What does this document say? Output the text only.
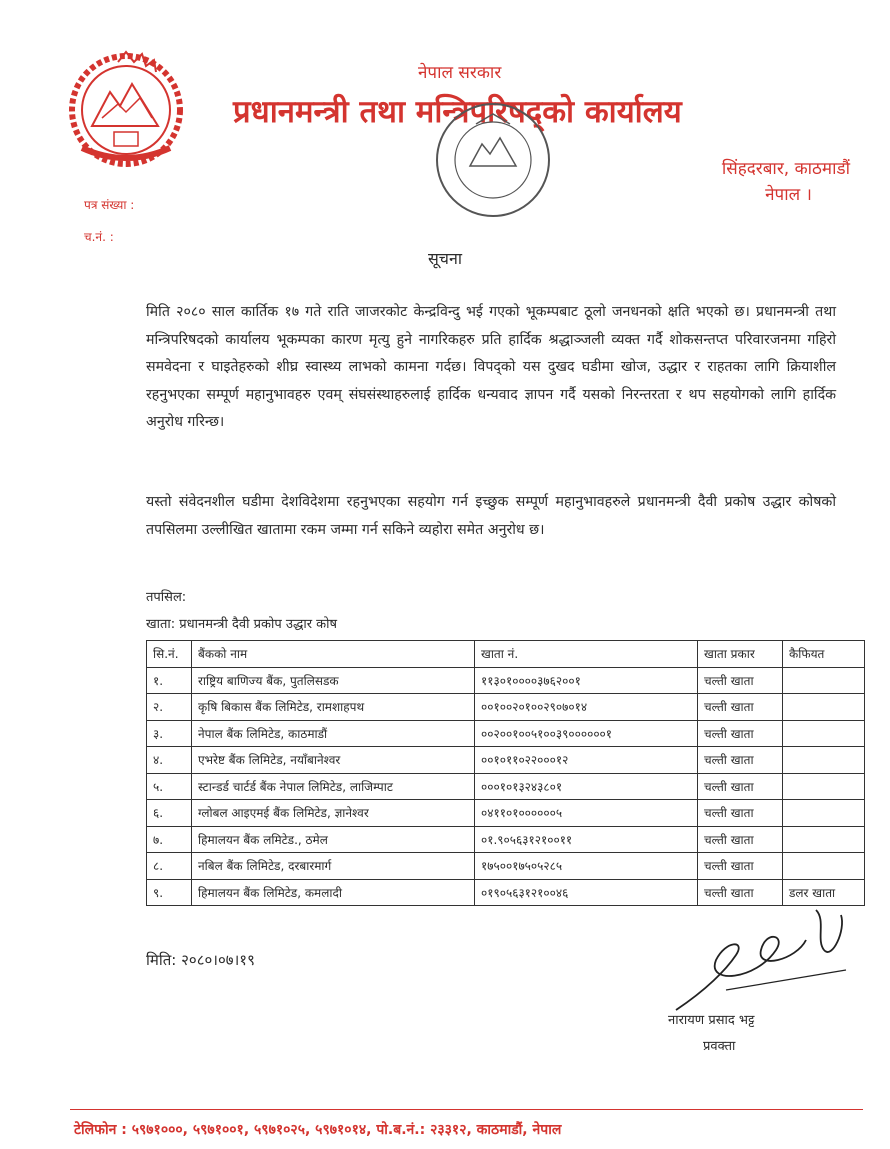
नेपाल सरकार
प्रधानमन्त्री तथा मन्त्रिपरिषद्को कार्यालय
सिंहदरबार, काठमाडौं
नेपाल ।
पत्र संख्या :
च.नं. :
सूचना
मिति २०८० साल कार्तिक १७ गते राति जाजरकोट केन्द्रविन्दु भई गएको भूकम्पबाट ठूलो जनधनको क्षति भएको छ। प्रधानमन्त्री तथा मन्त्रिपरिषदको कार्यालय भूकम्पका कारण मृत्यु हुने नागरिकहरु प्रति हार्दिक श्रद्धाञ्जली व्यक्त गर्दै शोकसन्तप्त परिवारजनमा गहिरो समवेदना र घाइतेहरुको शीघ्र स्वास्थ्य लाभको कामना गर्दछ। विपद्को यस दुखद घडीमा खोज, उद्धार र राहतका लागि क्रियाशील रहनुभएका सम्पूर्ण महानुभावहरु एवम् संघसंस्थाहरुलाई हार्दिक धन्यवाद ज्ञापन गर्दै यसको निरन्तरता र थप सहयोगको लागि हार्दिक अनुरोध गरिन्छ।
यस्तो संवेदनशील घडीमा देशविदेशमा रहनुभएका सहयोग गर्न इच्छुक सम्पूर्ण महानुभावहरुले प्रधानमन्त्री दैवी प्रकोष उद्धार कोषको तपसिलमा उल्लीखित खातामा रकम जम्मा गर्न सकिने व्यहोरा समेत अनुरोध छ।
तपसिल:
खाता: प्रधानमन्त्री दैवी प्रकोप उद्धार कोष
सि.नं.	बैंकको नाम	खाता नं.	खाता प्रकार	कैफियत
१.	राष्ट्रिय बाणिज्य बैंक, पुतलिसडक	११३०१००००३७६२००१	चल्ती खाता	
२.	कृषि बिकास बैंक लिमिटेड, रामशाहपथ	००१००२०१००२९०७०१४	चल्ती खाता	
३.	नेपाल बैंक लिमिटेड, काठमाडौं	००२००१००५१००३९००००००१	चल्ती खाता	
४.	एभरेष्ट बैंक लिमिटेड, नयाँबानेश्वर	००१०११०२२०००१२	चल्ती खाता	
५.	स्टान्डर्ड चार्टर्ड बैंक नेपाल लिमिटेड, लाजिम्पाट	०००१०१३२४३८०१	चल्ती खाता	
६.	ग्लोबल आइएमई बैंक लिमिटेड, ज्ञानेश्वर	०४११०१००००००५	चल्ती खाता	
७.	हिमालयन बैंक लमिटेड., ठमेल	०१.९०५६३१२१००११	चल्ती खाता	
८.	नबिल बैंक लिमिटेड, दरबारमार्ग	१७५००१७५०५२८५	चल्ती खाता	
९.	हिमालयन बैंक लिमिटेड, कमलादी	०१९०५६३१२१००४६	चल्ती खाता	डलर खाता
मिति: २०८०।०७।१९
नारायण प्रसाद भट्ट
प्रवक्ता
टेलिफोन : ५९७१०००, ५९७१००१, ५९७१०२५, ५९७१०१४, पो.ब.नं.: २३३१२, काठमाडौं, नेपाल
